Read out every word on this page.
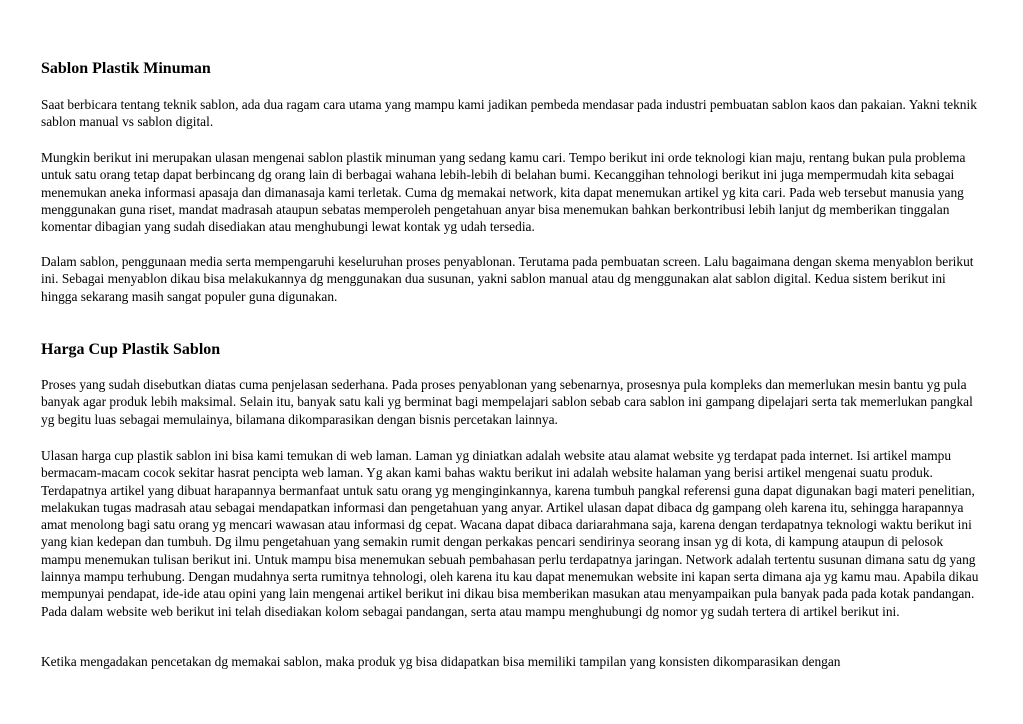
Sablon Plastik Minuman

Saat berbicara tentang teknik sablon, ada dua ragam cara utama yang mampu kami jadikan pembeda mendasar pada industri pembuatan sablon kaos dan pakaian. Yakni teknik sablon manual vs sablon digital.

Mungkin berikut ini merupakan ulasan mengenai sablon plastik minuman yang sedang kamu cari. Tempo berikut ini orde teknologi kian maju, rentang bukan pula problema untuk satu orang tetap dapat berbincang dg orang lain di berbagai wahana lebih-lebih di belahan bumi. Kecanggihan tehnologi berikut ini juga mempermudah kita sebagai menemukan aneka informasi apasaja dan dimanasaja kami terletak. Cuma dg memakai network, kita dapat menemukan artikel yg kita cari. Pada web tersebut manusia yang menggunakan guna riset, mandat madrasah ataupun sebatas memperoleh pengetahuan anyar bisa menemukan bahkan berkontribusi lebih lanjut dg memberikan tinggalan komentar dibagian yang sudah disediakan atau menghubungi lewat kontak yg udah tersedia.

Dalam sablon, penggunaan media serta mempengaruhi keseluruhan proses penyablonan. Terutama pada pembuatan screen. Lalu bagaimana dengan skema menyablon berikut ini. Sebagai menyablon dikau bisa melakukannya dg menggunakan dua susunan, yakni sablon manual atau dg menggunakan alat sablon digital. Kedua sistem berikut ini hingga sekarang masih sangat populer guna digunakan.

Harga Cup Plastik Sablon

Proses yang sudah disebutkan diatas cuma penjelasan sederhana. Pada proses penyablonan yang sebenarnya, prosesnya pula kompleks dan memerlukan mesin bantu yg pula banyak agar produk lebih maksimal. Selain itu, banyak satu kali yg berminat bagi mempelajari sablon sebab cara sablon ini gampang dipelajari serta tak memerlukan pangkal yg begitu luas sebagai memulainya, bilamana dikomparasikan dengan bisnis percetakan lainnya.

Ulasan harga cup plastik sablon ini bisa kami temukan di web laman. Laman yg diniatkan adalah website atau alamat website yg terdapat pada internet. Isi artikel mampu bermacam-macam cocok sekitar hasrat pencipta web laman. Yg akan kami bahas waktu berikut ini adalah website halaman yang berisi artikel mengenai suatu produk. Terdapatnya artikel yang dibuat harapannya bermanfaat untuk satu orang yg menginginkannya, karena tumbuh pangkal referensi guna dapat digunakan bagi materi penelitian, melakukan tugas madrasah atau sebagai mendapatkan informasi dan pengetahuan yang anyar. Artikel ulasan dapat dibaca dg gampang oleh karena itu, sehingga harapannya amat menolong bagi satu orang yg mencari wawasan atau informasi dg cepat. Wacana dapat dibaca dariarahmana saja, karena dengan terdapatnya teknologi waktu berikut ini yang kian kedepan dan tumbuh. Dg ilmu pengetahuan yang semakin rumit dengan perkakas pencari sendirinya seorang insan yg di kota, di kampung ataupun di pelosok mampu menemukan tulisan berikut ini. Untuk mampu bisa menemukan sebuah pembahasan perlu terdapatnya jaringan. Network adalah tertentu susunan dimana satu dg yang lainnya mampu terhubung. Dengan mudahnya serta rumitnya tehnologi, oleh karena itu kau dapat menemukan website ini kapan serta dimana aja yg kamu mau. Apabila dikau mempunyai pendapat, ide-ide atau opini yang lain mengenai artikel berikut ini dikau bisa memberikan masukan atau menyampaikan pula banyak pada pada kotak pandangan. Pada dalam website web berikut ini telah disediakan kolom sebagai pandangan, serta atau mampu menghubungi dg nomor yg sudah tertera di artikel berikut ini.

Ketika mengadakan pencetakan dg memakai sablon, maka produk yg bisa didapatkan bisa memiliki tampilan yang konsisten dikomparasikan dengan
